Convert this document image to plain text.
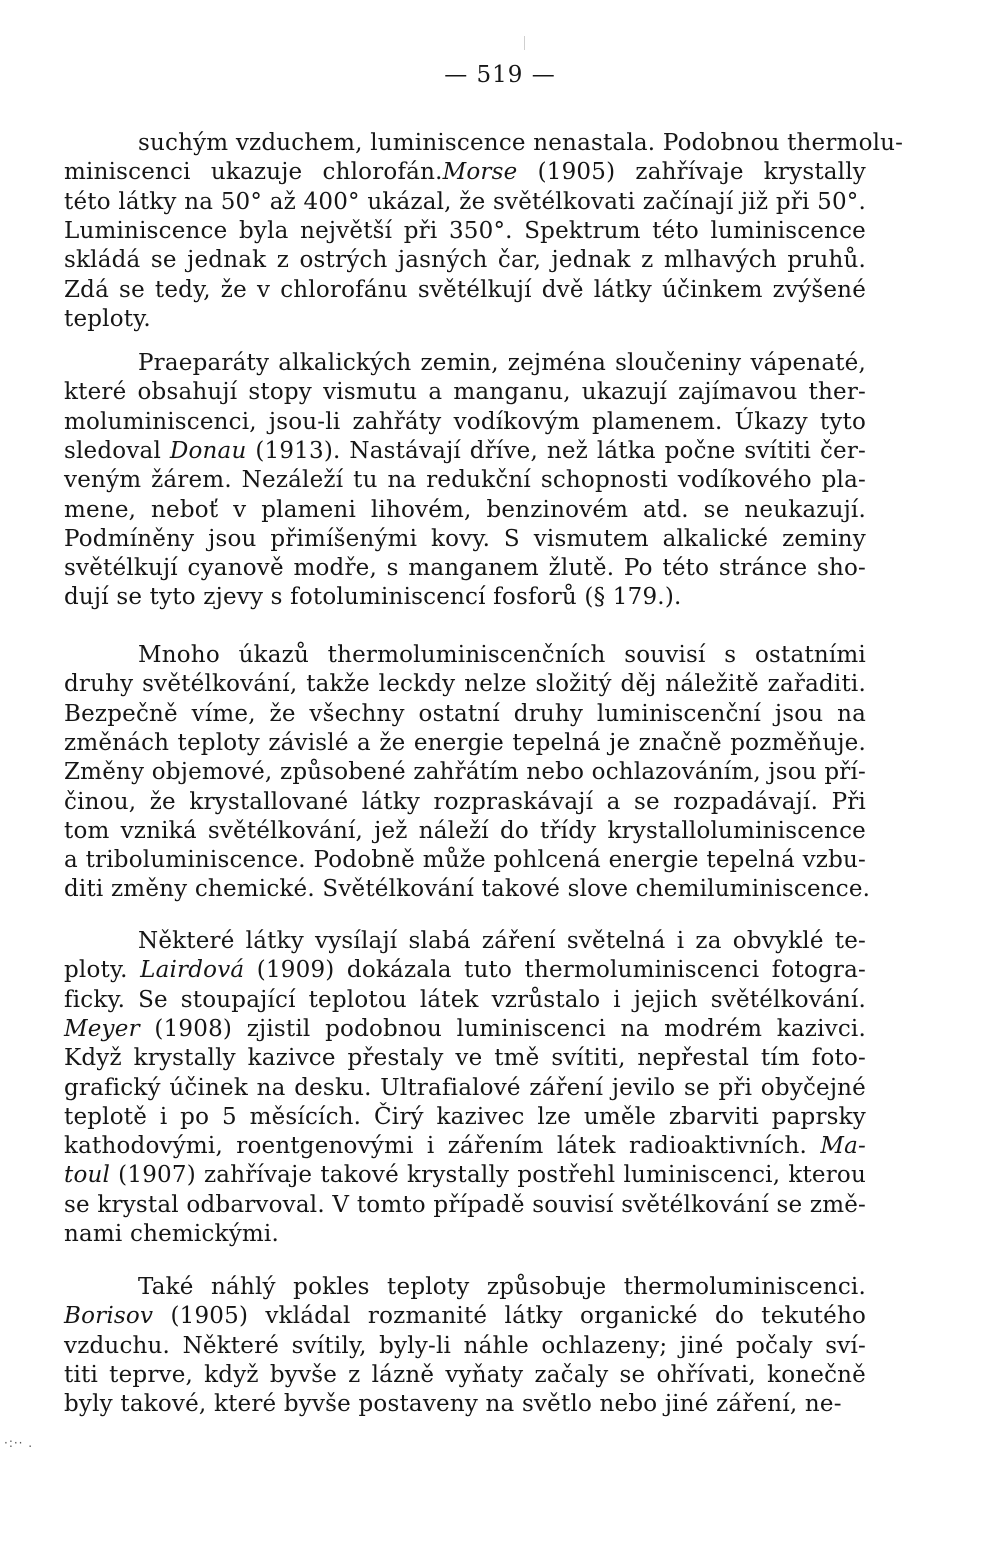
— 519 —
suchým vzduchem, luminiscence nenastala. Podobnou thermolu-
miniscenci ukazuje chlorofán.Morse (1905) zahřívaje krystally
této látky na 50° až 400° ukázal, že světélkovati začínají již při 50°.
Luminiscence byla největší při 350°. Spektrum této luminiscence
skládá se jednak z ostrých jasných čar, jednak z mlhavých pruhů.
Zdá se tedy, že v chlorofánu světélkují dvě látky účinkem zvýšené
teploty.
Praeparáty alkalických zemin, zejména sloučeniny vápenaté,
které obsahují stopy vismutu a manganu, ukazují zajímavou ther-
moluminiscenci, jsou-li zahřáty vodíkovým plamenem. Úkazy tyto
sledoval Donau (1913). Nastávají dříve, než látka počne svítiti čer-
veným žárem. Nezáleží tu na redukční schopnosti vodíkového pla-
mene, neboť v plameni lihovém, benzinovém atd. se neukazují.
Podmíněny jsou přimíšenými kovy. S vismutem alkalické zeminy
světélkují cyanově modře, s manganem žlutě. Po této stránce sho-
dují se tyto zjevy s fotoluminiscencí fosforů (§ 179.).
Mnoho úkazů thermoluminiscenčních souvisí s ostatními
druhy světélkování, takže leckdy nelze složitý děj náležitě zařaditi.
Bezpečně víme, že všechny ostatní druhy luminiscenční jsou na
změnách teploty závislé a že energie tepelná je značně pozměňuje.
Změny objemové, způsobené zahřátím nebo ochlazováním, jsou pří-
činou, že krystallované látky rozpraskávají a se rozpadávají. Při
tom vzniká světélkování, jež náleží do třídy krystalloluminiscence
a triboluminiscence. Podobně může pohlcená energie tepelná vzbu-
diti změny chemické. Světélkování takové slove chemiluminiscence.
Některé látky vysílají slabá záření světelná i za obvyklé te-
ploty. Lairdová (1909) dokázala tuto thermoluminiscenci fotogra-
ficky. Se stoupající teplotou látek vzrůstalo i jejich světélkování.
Meyer (1908) zjistil podobnou luminiscenci na modrém kazivci.
Když krystally kazivce přestaly ve tmě svítiti, nepřestal tím foto-
grafický účinek na desku. Ultrafialové záření jevilo se při obyčejné
teplotě i po 5 měsících. Čirý kazivec lze uměle zbarviti paprsky
kathodovými, roentgenovými i zářením látek radioaktivních. Ma-
toul (1907) zahřívaje takové krystally postřehl luminiscenci, kterou
se krystal odbarvoval. V tomto případě souvisí světélkování se změ-
nami chemickými.
Také náhlý pokles teploty způsobuje thermoluminiscenci.
Borisov (1905) vkládal rozmanité látky organické do tekutého
vzduchu. Některé svítily, byly-li náhle ochlazeny; jiné počaly sví-
titi teprve, když byvše z lázně vyňaty začaly se ohřívati, konečně
byly takové, které byvše postaveny na světlo nebo jiné záření, ne-
·:·· .
